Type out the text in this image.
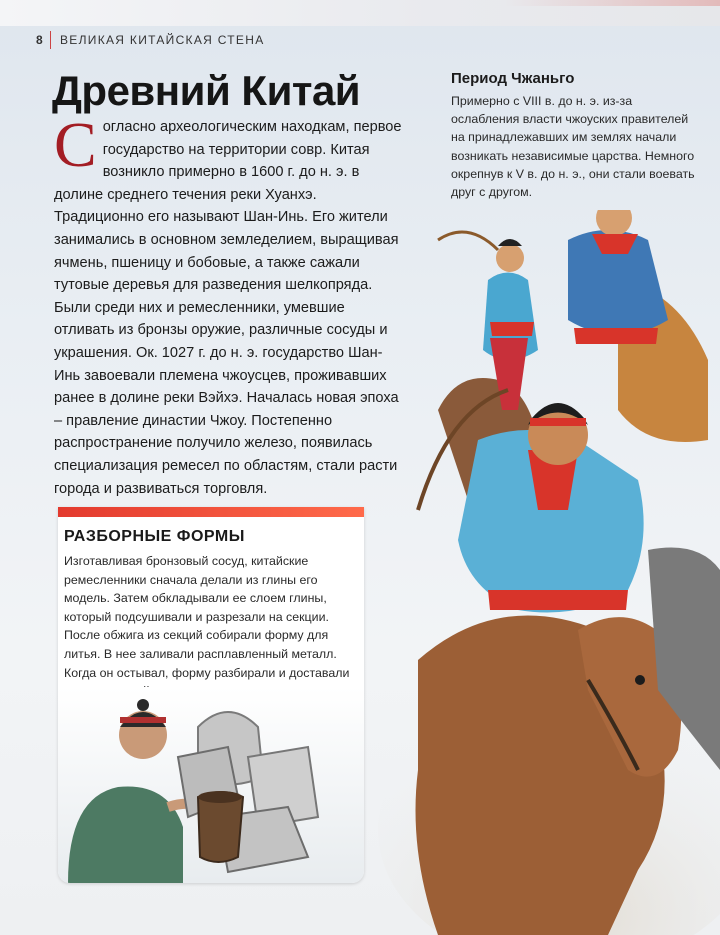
8 ВЕЛИКАЯ КИТАЙСКАЯ СТЕНА
Древний Китай
Согласно археологическим находкам, первое государство на территории совр. Китая возникло примерно в 1600 г. до н. э. в долине среднего течения реки Хуанхэ. Традиционно его называют Шан-Инь. Его жители занимались в основном земледелием, выращивая ячмень, пшеницу и бобовые, а также сажали тутовые деревья для разведения шелкопряда. Были среди них и ремесленники, умевшие отливать из бронзы оружие, различные сосуды и украшения. Ок. 1027 г. до н. э. государство Шан-Инь завоевали племена чжоусцев, проживавших ранее в долине реки Вэйхэ. Началась новая эпоха – правление династии Чжоу. Постепенно распространение получило железо, появилась специализация ремесел по областям, стали расти города и развиваться торговля.
Период Чжаньго
Примерно с VIII в. до н. э. из-за ослабления власти чжоуских правителей на принадлежавших им землях начали возникать независимые царства. Немного окрепнув к V в. до н. э., они стали воевать друг с другом.
РАЗБОРНЫЕ ФОРМЫ
Изготавливая бронзовый сосуд, китайские ремесленники сначала делали из глины его модель. Затем обкладывали ее слоем глины, который подсушивали и разрезали на секции. После обжига из секций собирали форму для литья. В нее заливали расплавленный металл. Когда он остывал, форму разбирали и доставали
